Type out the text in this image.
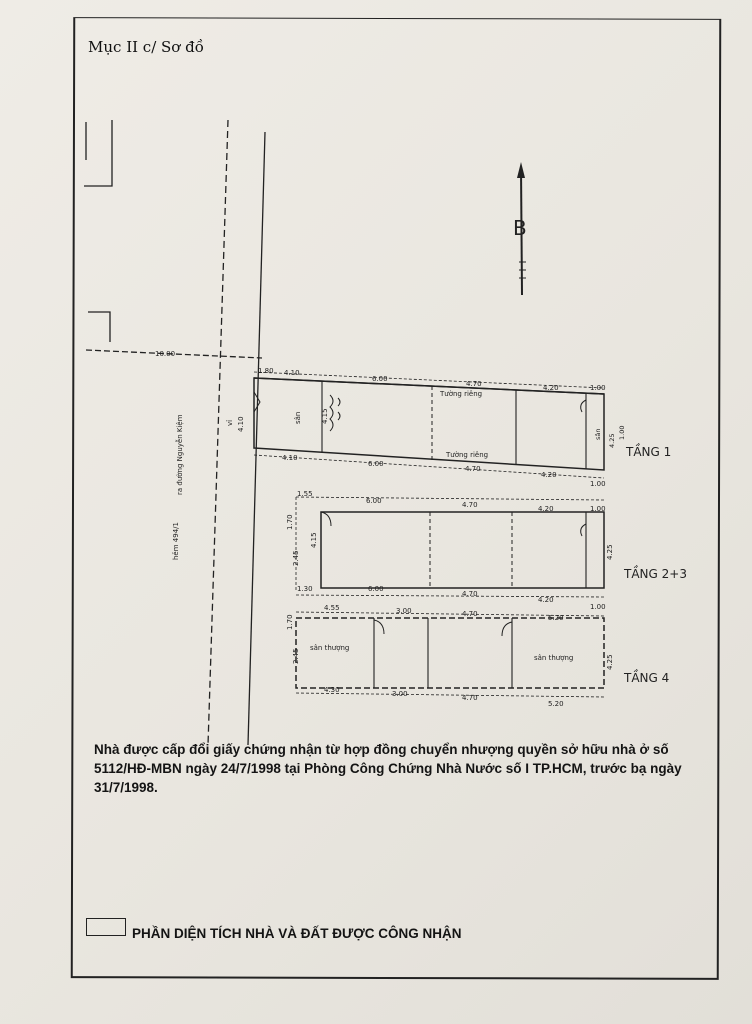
Mục II c/ Sơ đồ
B
10.00
1.80
ra đường Nguyễn Kiệm
hẻm 494/1
4.10
vỉ
4.10
6.00
4.70	4.20	1.00
4.10
6.00
4.70
4.20
1.00
4.15
4.25
1.00
sân
sân
Tường riêng
Tường riêng	TẦNG 1
1.55
6.00	4.70	4.20	1.00
1.30	6.00
4.70
4.20
1.00
1.70
2.45
4.15
4.25
TẦNG 2+3
4.55	3.00	4.70	5.20
4.30	3.00	4.70
5.20
1.70
2.45	4.25
sân thượng
sân thượng
TẦNG 4
Nhà được cấp đổi giấy chứng nhận từ hợp đồng chuyển nhượng quyền sở hữu nhà ở số 5112/HĐ-MBN ngày 24/7/1998 tại Phòng Công Chứng Nhà Nước số I TP.HCM, trước bạ ngày 31/7/1998.
PHẦN DIỆN TÍCH NHÀ VÀ ĐẤT ĐƯỢC CÔNG NHẬN
